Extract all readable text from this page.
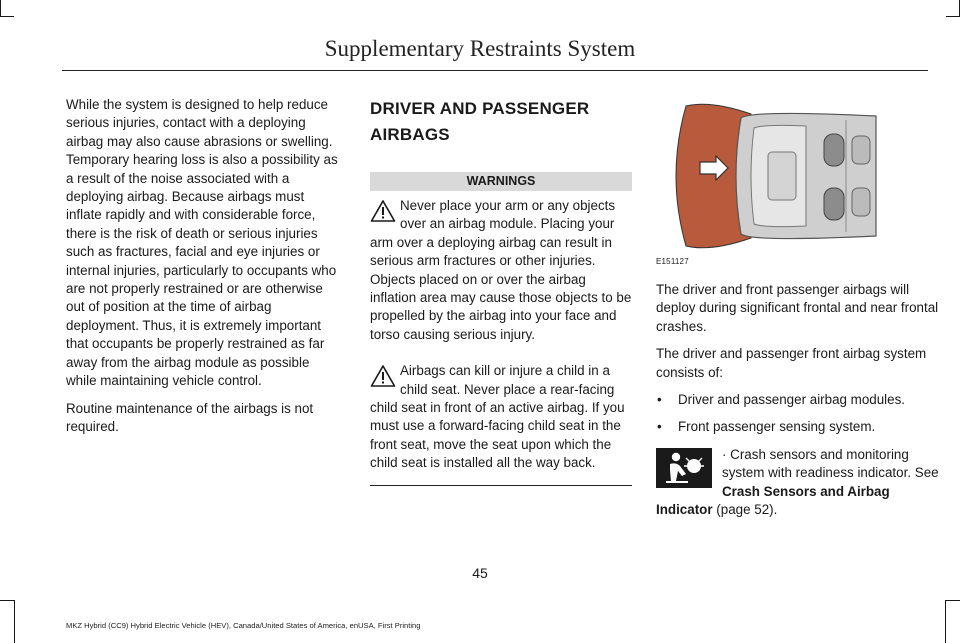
Supplementary Restraints System

While the system is designed to help reduce serious injuries, contact with a deploying airbag may also cause abrasions or swelling. Temporary hearing loss is also a possibility as a result of the noise associated with a deploying airbag. Because airbags must inflate rapidly and with considerable force, there is the risk of death or serious injuries such as fractures, facial and eye injuries or internal injuries, particularly to occupants who are not properly restrained or are otherwise out of position at the time of airbag deployment. Thus, it is extremely important that occupants be properly restrained as far away from the airbag module as possible while maintaining vehicle control.

Routine maintenance of the airbags is not required.

DRIVER AND PASSENGER
AIRBAGS
WARNINGS
Never place your arm or any objects over an airbag module. Placing your arm over a deploying airbag can result in serious arm fractures or other injuries. Objects placed on or over the airbag inflation area may cause those objects to be propelled by the airbag into your face and torso causing serious injury.
Airbags can kill or injure a child in a child seat. Never place a rear-facing child seat in front of an active airbag. If you must use a forward-facing child seat in the front seat, move the seat upon which the child seat is installed all the way back.
E151127

The driver and front passenger airbags will deploy during significant frontal and near frontal crashes.

The driver and passenger front airbag system consists of:

• Driver and passenger airbag modules.
• Front passenger sensing system.

· Crash sensors and monitoring system with readiness indicator. See Crash Sensors and Airbag Indicator (page 52).

45
MKZ Hybrid (CC9) Hybrid Electric Vehicle (HEV), Canada/United States of America, enUSA, First Printing
